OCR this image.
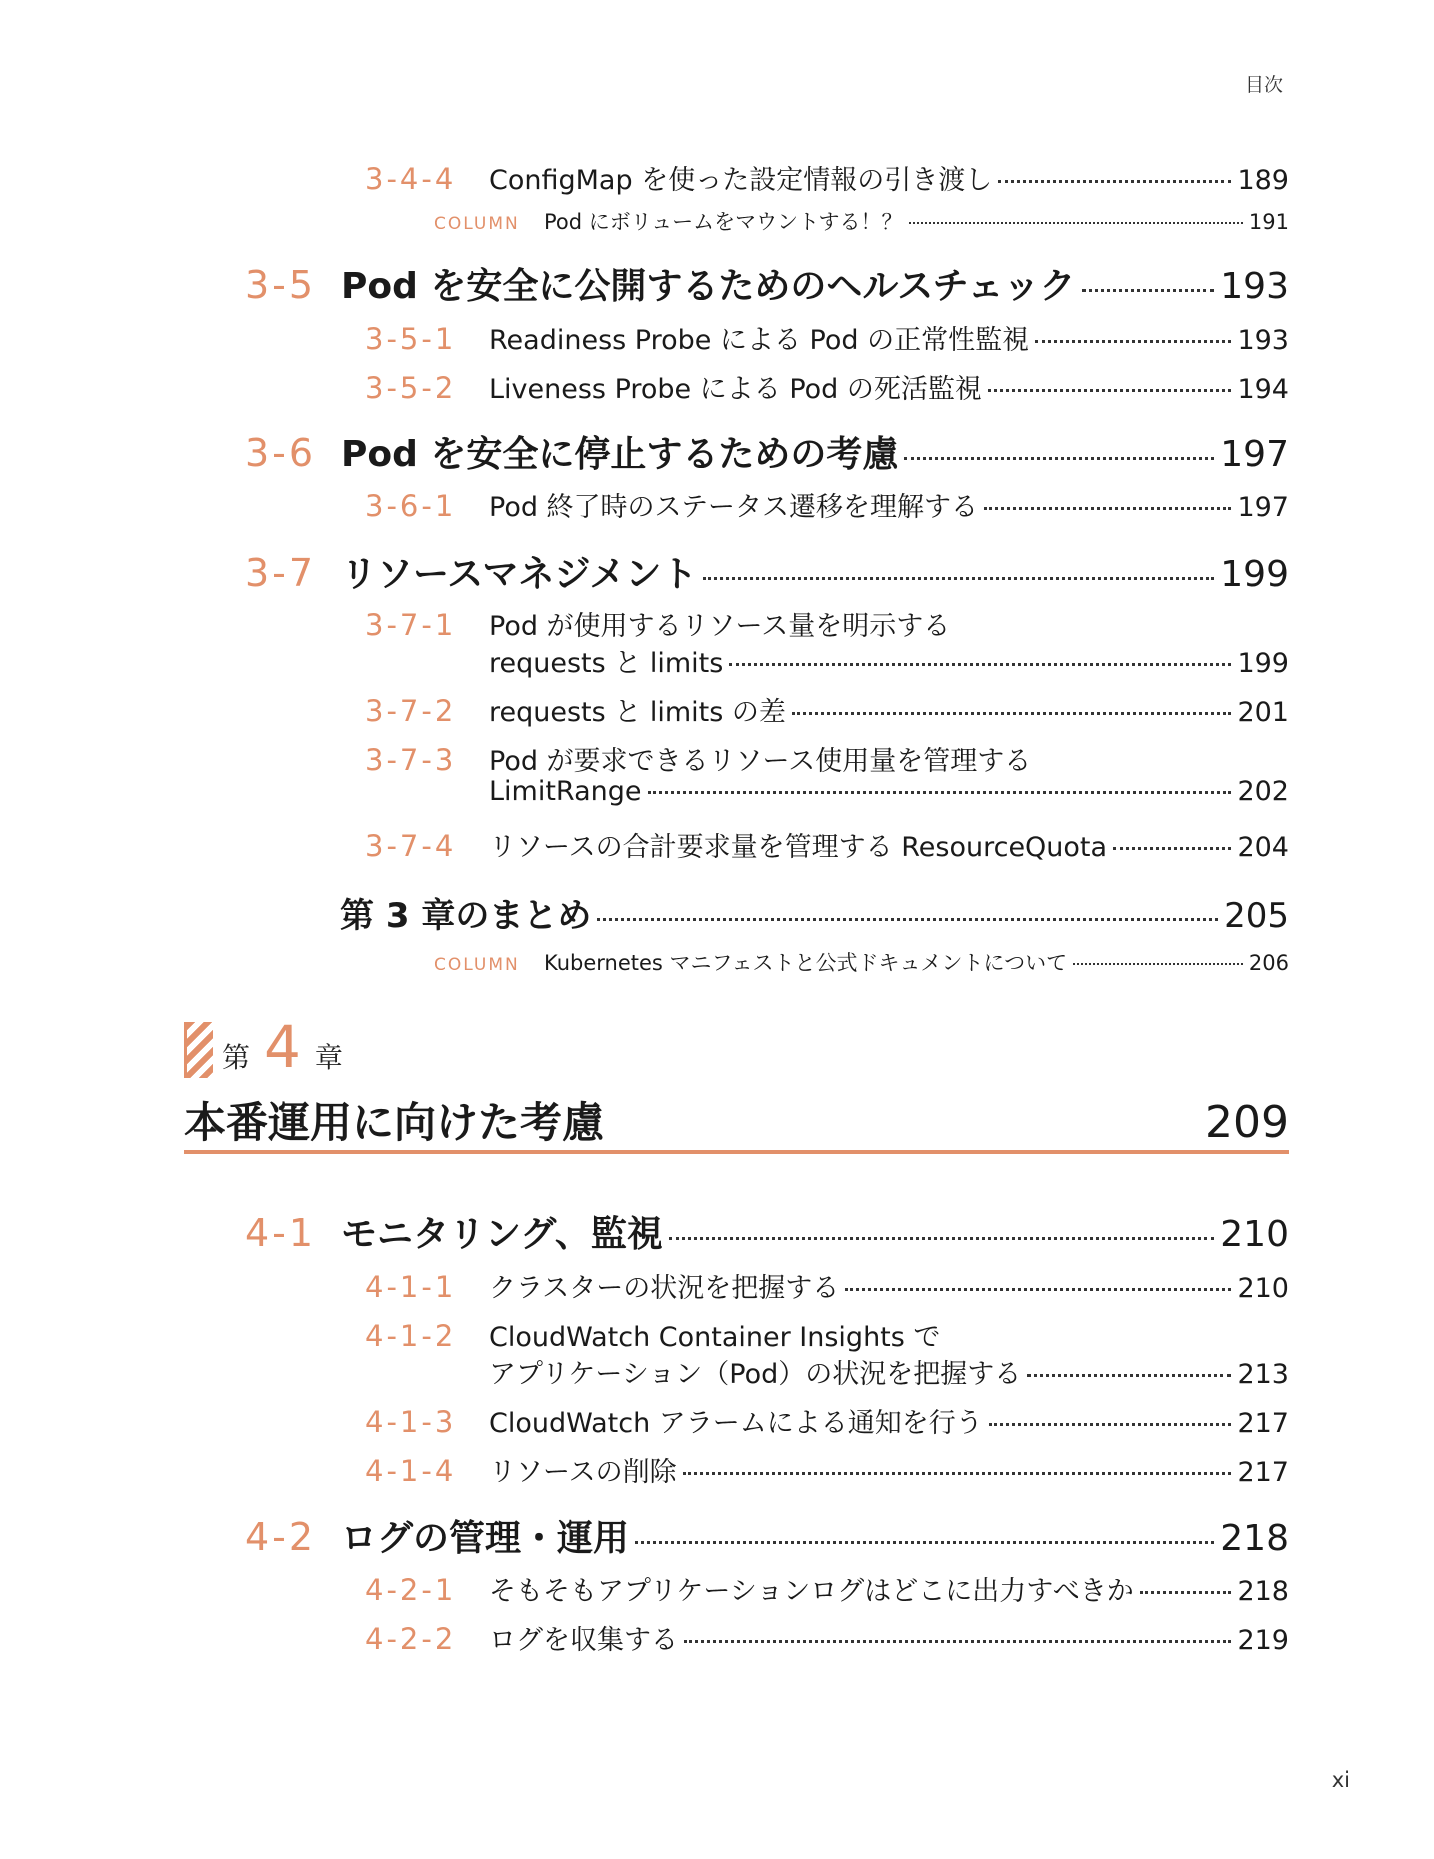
目次
3-4-4	ConfigMap を使った設定情報の引き渡し	189
COLUMN	Pod にボリュームをマウントする！？	191
3-5 Pod を安全に公開するためのヘルスチェック	193
3-5-1	Readiness Probe による Pod の正常性監視	193
3-5-2	Liveness Probe による Pod の死活監視	194
3-6 Pod を安全に停止するための考慮	197
3-6-1	Pod 終了時のステータス遷移を理解する	197
3-7 リソースマネジメント	199
3-7-1	Pod が使用するリソース量を明示する
requests と limits	199
3-7-2	requests と limits の差	201
3-7-3	Pod が要求できるリソース使用量を管理する
LimitRange	202
3-7-4	リソースの合計要求量を管理する ResourceQuota	204
第 3 章のまとめ	205
COLUMN	Kubernetes マニフェストと公式ドキュメントについて	206
第 4 章
本番運用に向けた考慮	209
4-1 モニタリング、監視	210
4-1-1	クラスターの状況を把握する	210
4-1-2	CloudWatch Container Insights で
アプリケーション（Pod）の状況を把握する	213
4-1-3	CloudWatch アラームによる通知を行う	217
4-1-4	リソースの削除	217
4-2 ログの管理・運用	218
4-2-1	そもそもアプリケーションログはどこに出力すべきか	218
4-2-2	ログを収集する	219
xi
